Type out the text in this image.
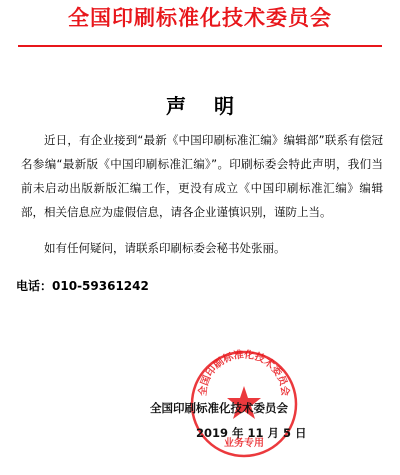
全国印刷标准化技术委员会
声 明

近日，有企业接到“最新《中国印刷标准汇编》编辑部”联系有偿冠名参编“最新版《中国印刷标准汇编》”。印刷标委会特此声明，我们当前未启动出版新版汇编工作，更没有成立《中国印刷标准汇编》编辑部，相关信息应为虚假信息，请各企业谨慎识别，谨防上当。

如有任何疑问，请联系印刷标委会秘书处张丽。

电话：010-59361242
全国印刷标准化技术委员会
业务专用
全国印刷标准化技术委员会
2019 年 11 月 5 日
